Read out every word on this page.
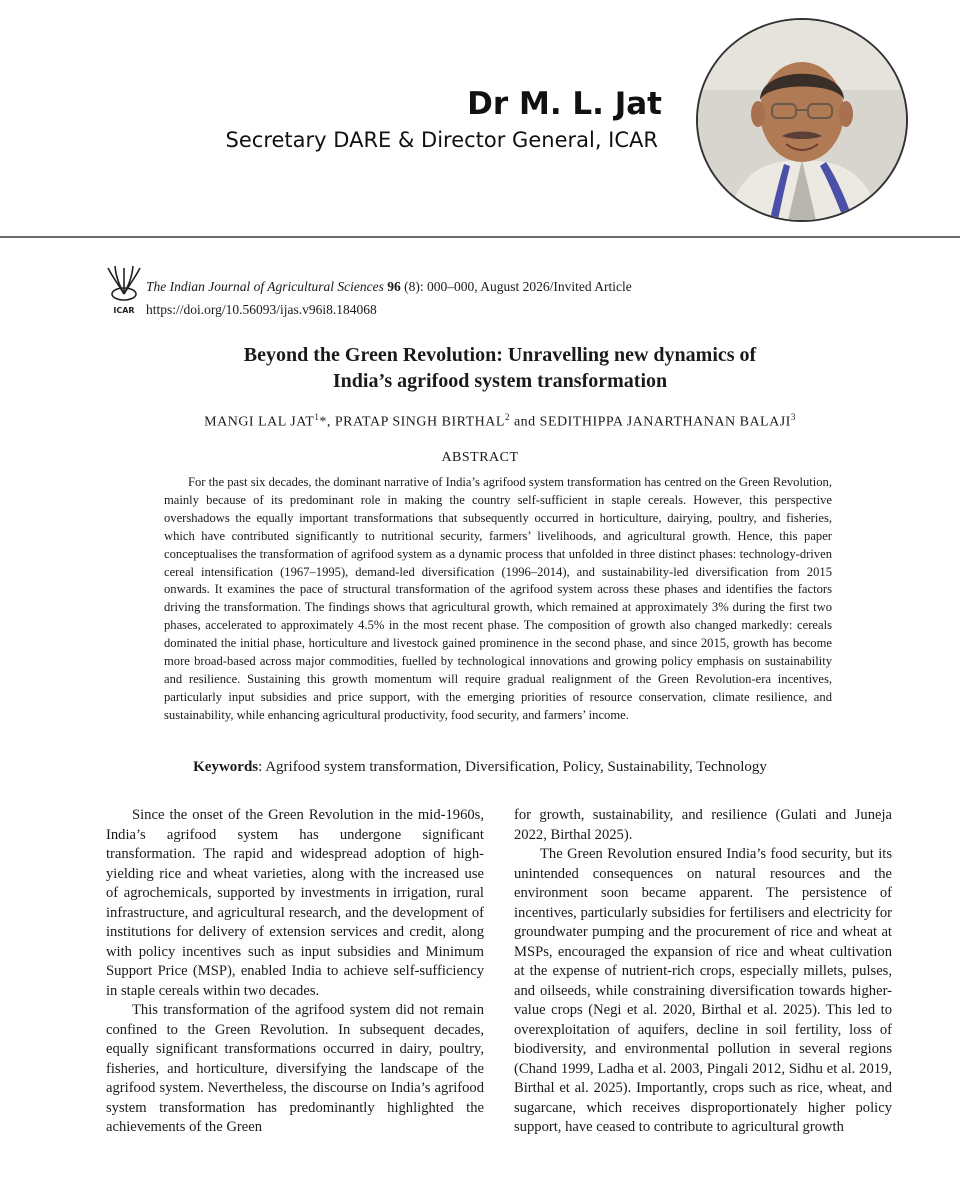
Dr M. L. Jat

Secretary DARE & Director General, ICAR

ICAR
The Indian Journal of Agricultural Sciences 96 (8): 000–000, August 2026/Invited Article
https://doi.org/10.56093/ijas.v96i8.184068
Beyond the Green Revolution: Unravelling new dynamics of
India’s agrifood system transformation
MANGI LAL JAT$^1$*, PRATAP SINGH BIRTHAL$^2$ and SEDITHIPPA JANARTHANAN BALAJI$^3$
ABSTRACT

For the past six decades, the dominant narrative of India’s agrifood system transformation has centred on the Green Revolution, mainly because of its predominant role in making the country self-sufficient in staple cereals. However, this perspective overshadows the equally important transformations that subsequently occurred in horticulture, dairying, poultry, and fisheries, which have contributed significantly to nutritional security, farmers’ livelihoods, and agricultural growth. Hence, this paper conceptualises the transformation of agrifood system as a dynamic process that unfolded in three distinct phases: technology-driven cereal intensification (1967–1995), demand-led diversification (1996–2014), and sustainability-led diversification from 2015 onwards. It examines the pace of structural transformation of the agrifood system across these phases and identifies the factors driving the transformation. The findings shows that agricultural growth, which remained at approximately 3% during the first two phases, accelerated to approximately 4.5% in the most recent phase. The composition of growth also changed markedly: cereals dominated the initial phase, horticulture and livestock gained prominence in the second phase, and since 2015, growth has become more broad-based across major commodities, fuelled by technological innovations and growing policy emphasis on sustainability and resilience. Sustaining this growth momentum will require gradual realignment of the Green Revolution-era incentives, particularly input subsidies and price support, with the emerging priorities of resource conservation, climate resilience, and sustainability, while enhancing agricultural productivity, food security, and farmers’ income.

Keywords: Agrifood system transformation, Diversification, Policy, Sustainability, Technology

Since the onset of the Green Revolution in the mid-1960s, India’s agrifood system has undergone significant transformation. The rapid and widespread adoption of high-yielding rice and wheat varieties, along with the increased use of agrochemicals, supported by investments in irrigation, rural infrastructure, and agricultural research, and the development of institutions for delivery of extension services and credit, along with policy incentives such as input subsidies and Minimum Support Price (MSP), enabled India to achieve self-sufficiency in staple cereals within two decades.

This transformation of the agrifood system did not remain confined to the Green Revolution. In subsequent decades, equally significant transformations occurred in dairy, poultry, fisheries, and horticulture, diversifying the landscape of the agrifood system. Nevertheless, the discourse on India’s agrifood system transformation has predominantly highlighted the achievements of the Green

for growth, sustainability, and resilience (Gulati and Juneja 2022, Birthal 2025).

The Green Revolution ensured India’s food security, but its unintended consequences on natural resources and the environment soon became apparent. The persistence of incentives, particularly subsidies for fertilisers and electricity for groundwater pumping and the procurement of rice and wheat at MSPs, encouraged the expansion of rice and wheat cultivation at the expense of nutrient-rich crops, especially millets, pulses, and oilseeds, while constraining diversification towards higher-value crops (Negi et al. 2020, Birthal et al. 2025). This led to overexploitation of aquifers, decline in soil fertility, loss of biodiversity, and environmental pollution in several regions (Chand 1999, Ladha et al. 2003, Pingali 2012, Sidhu et al. 2019, Birthal et al. 2025). Importantly, crops such as rice, wheat, and sugarcane, which receives disproportionately higher policy support, have ceased to contribute to agricultural growth
